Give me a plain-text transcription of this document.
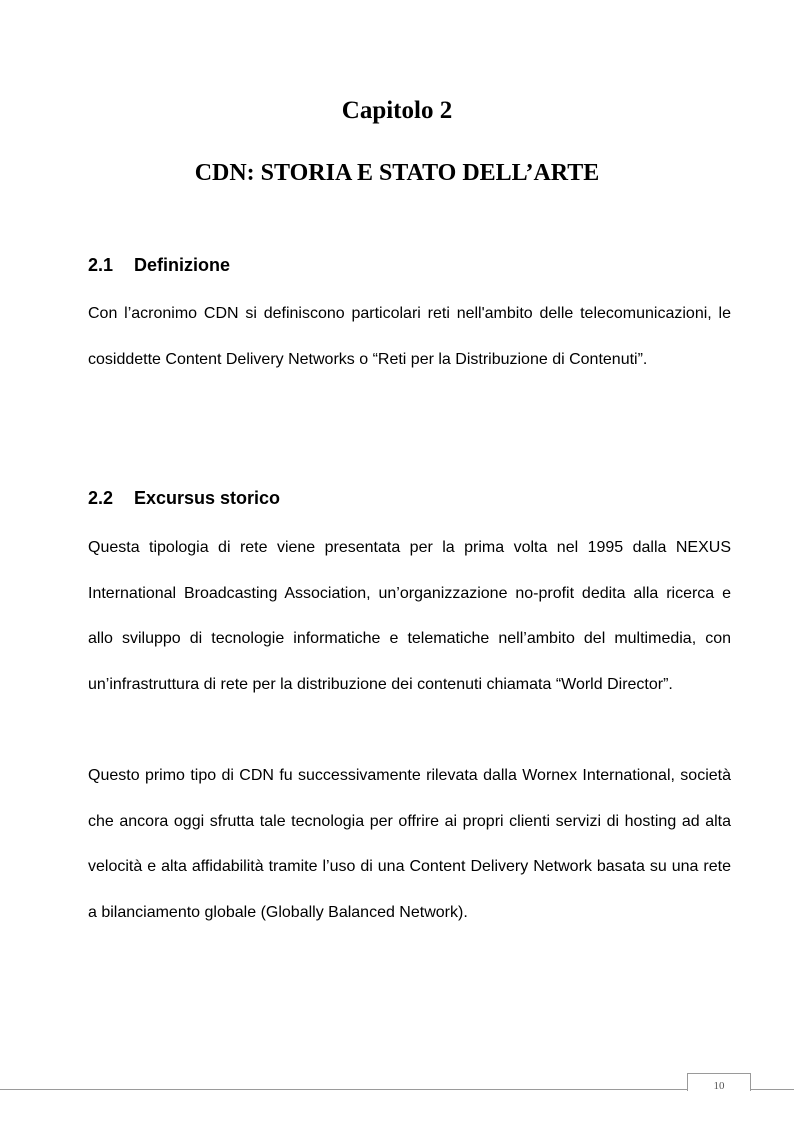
Capitolo 2
CDN: STORIA E STATO DELL’ARTE
2.1 Definizione

Con l’acronimo CDN si definiscono particolari reti nell'ambito delle telecomunicazioni, le cosiddette Content Delivery Networks o “Reti per la Distribuzione di Contenuti”.

2.2 Excursus storico

Questa tipologia di rete viene presentata per la prima volta nel 1995 dalla NEXUS International Broadcasting Association, un’organizzazione no-profit dedita alla ricerca e allo sviluppo di tecnologie informatiche e telematiche nell’ambito del multimedia, con un’infrastruttura di rete per la distribuzione dei contenuti chiamata “World Director”.

Questo primo tipo di CDN fu successivamente rilevata dalla Wornex International, società che ancora oggi sfrutta tale tecnologia per offrire ai propri clienti servizi di hosting ad alta velocità e alta affidabilità tramite l’uso di una Content Delivery Network basata su una rete a bilanciamento globale (Globally Balanced Network).

10
